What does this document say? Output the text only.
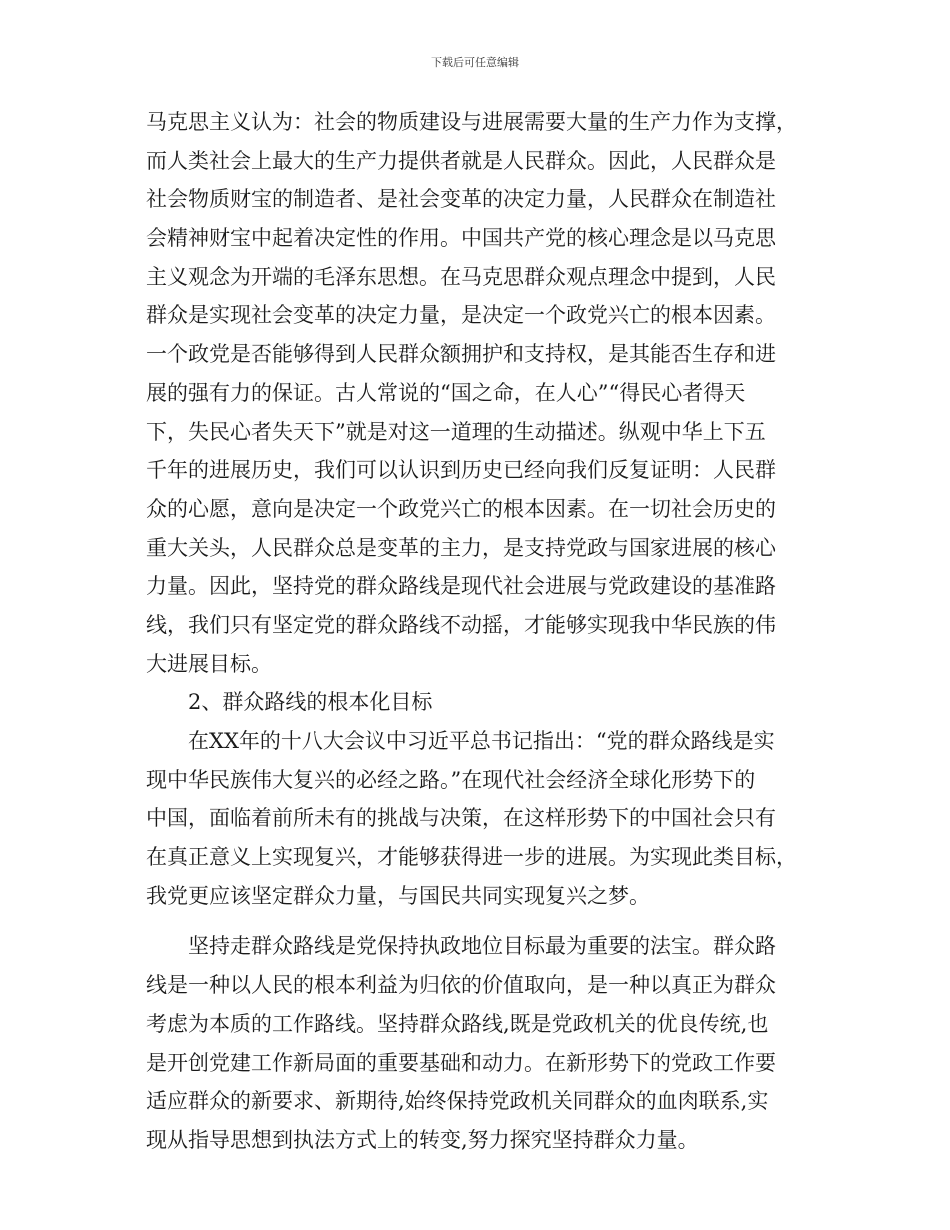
下载后可任意编辑
马克思主义认为：社会的物质建设与进展需要大量的生产力作为支撑，
而人类社会上最大的生产力提供者就是人民群众。因此，人民群众是
社会物质财宝的制造者、是社会变革的决定力量，人民群众在制造社
会精神财宝中起着决定性的作用。中国共产党的核心理念是以马克思
主义观念为开端的毛泽东思想。在马克思群众观点理念中提到，人民
群众是实现社会变革的决定力量，是决定一个政党兴亡的根本因素。
一个政党是否能够得到人民群众额拥护和支持权，是其能否生存和进
展的强有力的保证。古人常说的“国之命，在人心”“得民心者得天
下，失民心者失天下”就是对这一道理的生动描述。纵观中华上下五
千年的进展历史，我们可以认识到历史已经向我们反复证明：人民群
众的心愿，意向是决定一个政党兴亡的根本因素。在一切社会历史的
重大关头，人民群众总是变革的主力，是支持党政与国家进展的核心
力量。因此，坚持党的群众路线是现代社会进展与党政建设的基准路
线，我们只有坚定党的群众路线不动摇，才能够实现我中华民族的伟
大进展目标。
2、群众路线的根本化目标
在XX年的十八大会议中习近平总书记指出：“党的群众路线是实
现中华民族伟大复兴的必经之路。”在现代社会经济全球化形势下的
中国，面临着前所未有的挑战与决策，在这样形势下的中国社会只有
在真正意义上实现复兴，才能够获得进一步的进展。为实现此类目标，
我党更应该坚定群众力量，与国民共同实现复兴之梦。
坚持走群众路线是党保持执政地位目标最为重要的法宝。群众路
线是一种以人民的根本利益为归依的价值取向，是一种以真正为群众
考虑为本质的工作路线。坚持群众路线,既是党政机关的优良传统,也
是开创党建工作新局面的重要基础和动力。在新形势下的党政工作要
适应群众的新要求、新期待,始终保持党政机关同群众的血肉联系,实
现从指导思想到执法方式上的转变,努力探究坚持群众力量。
